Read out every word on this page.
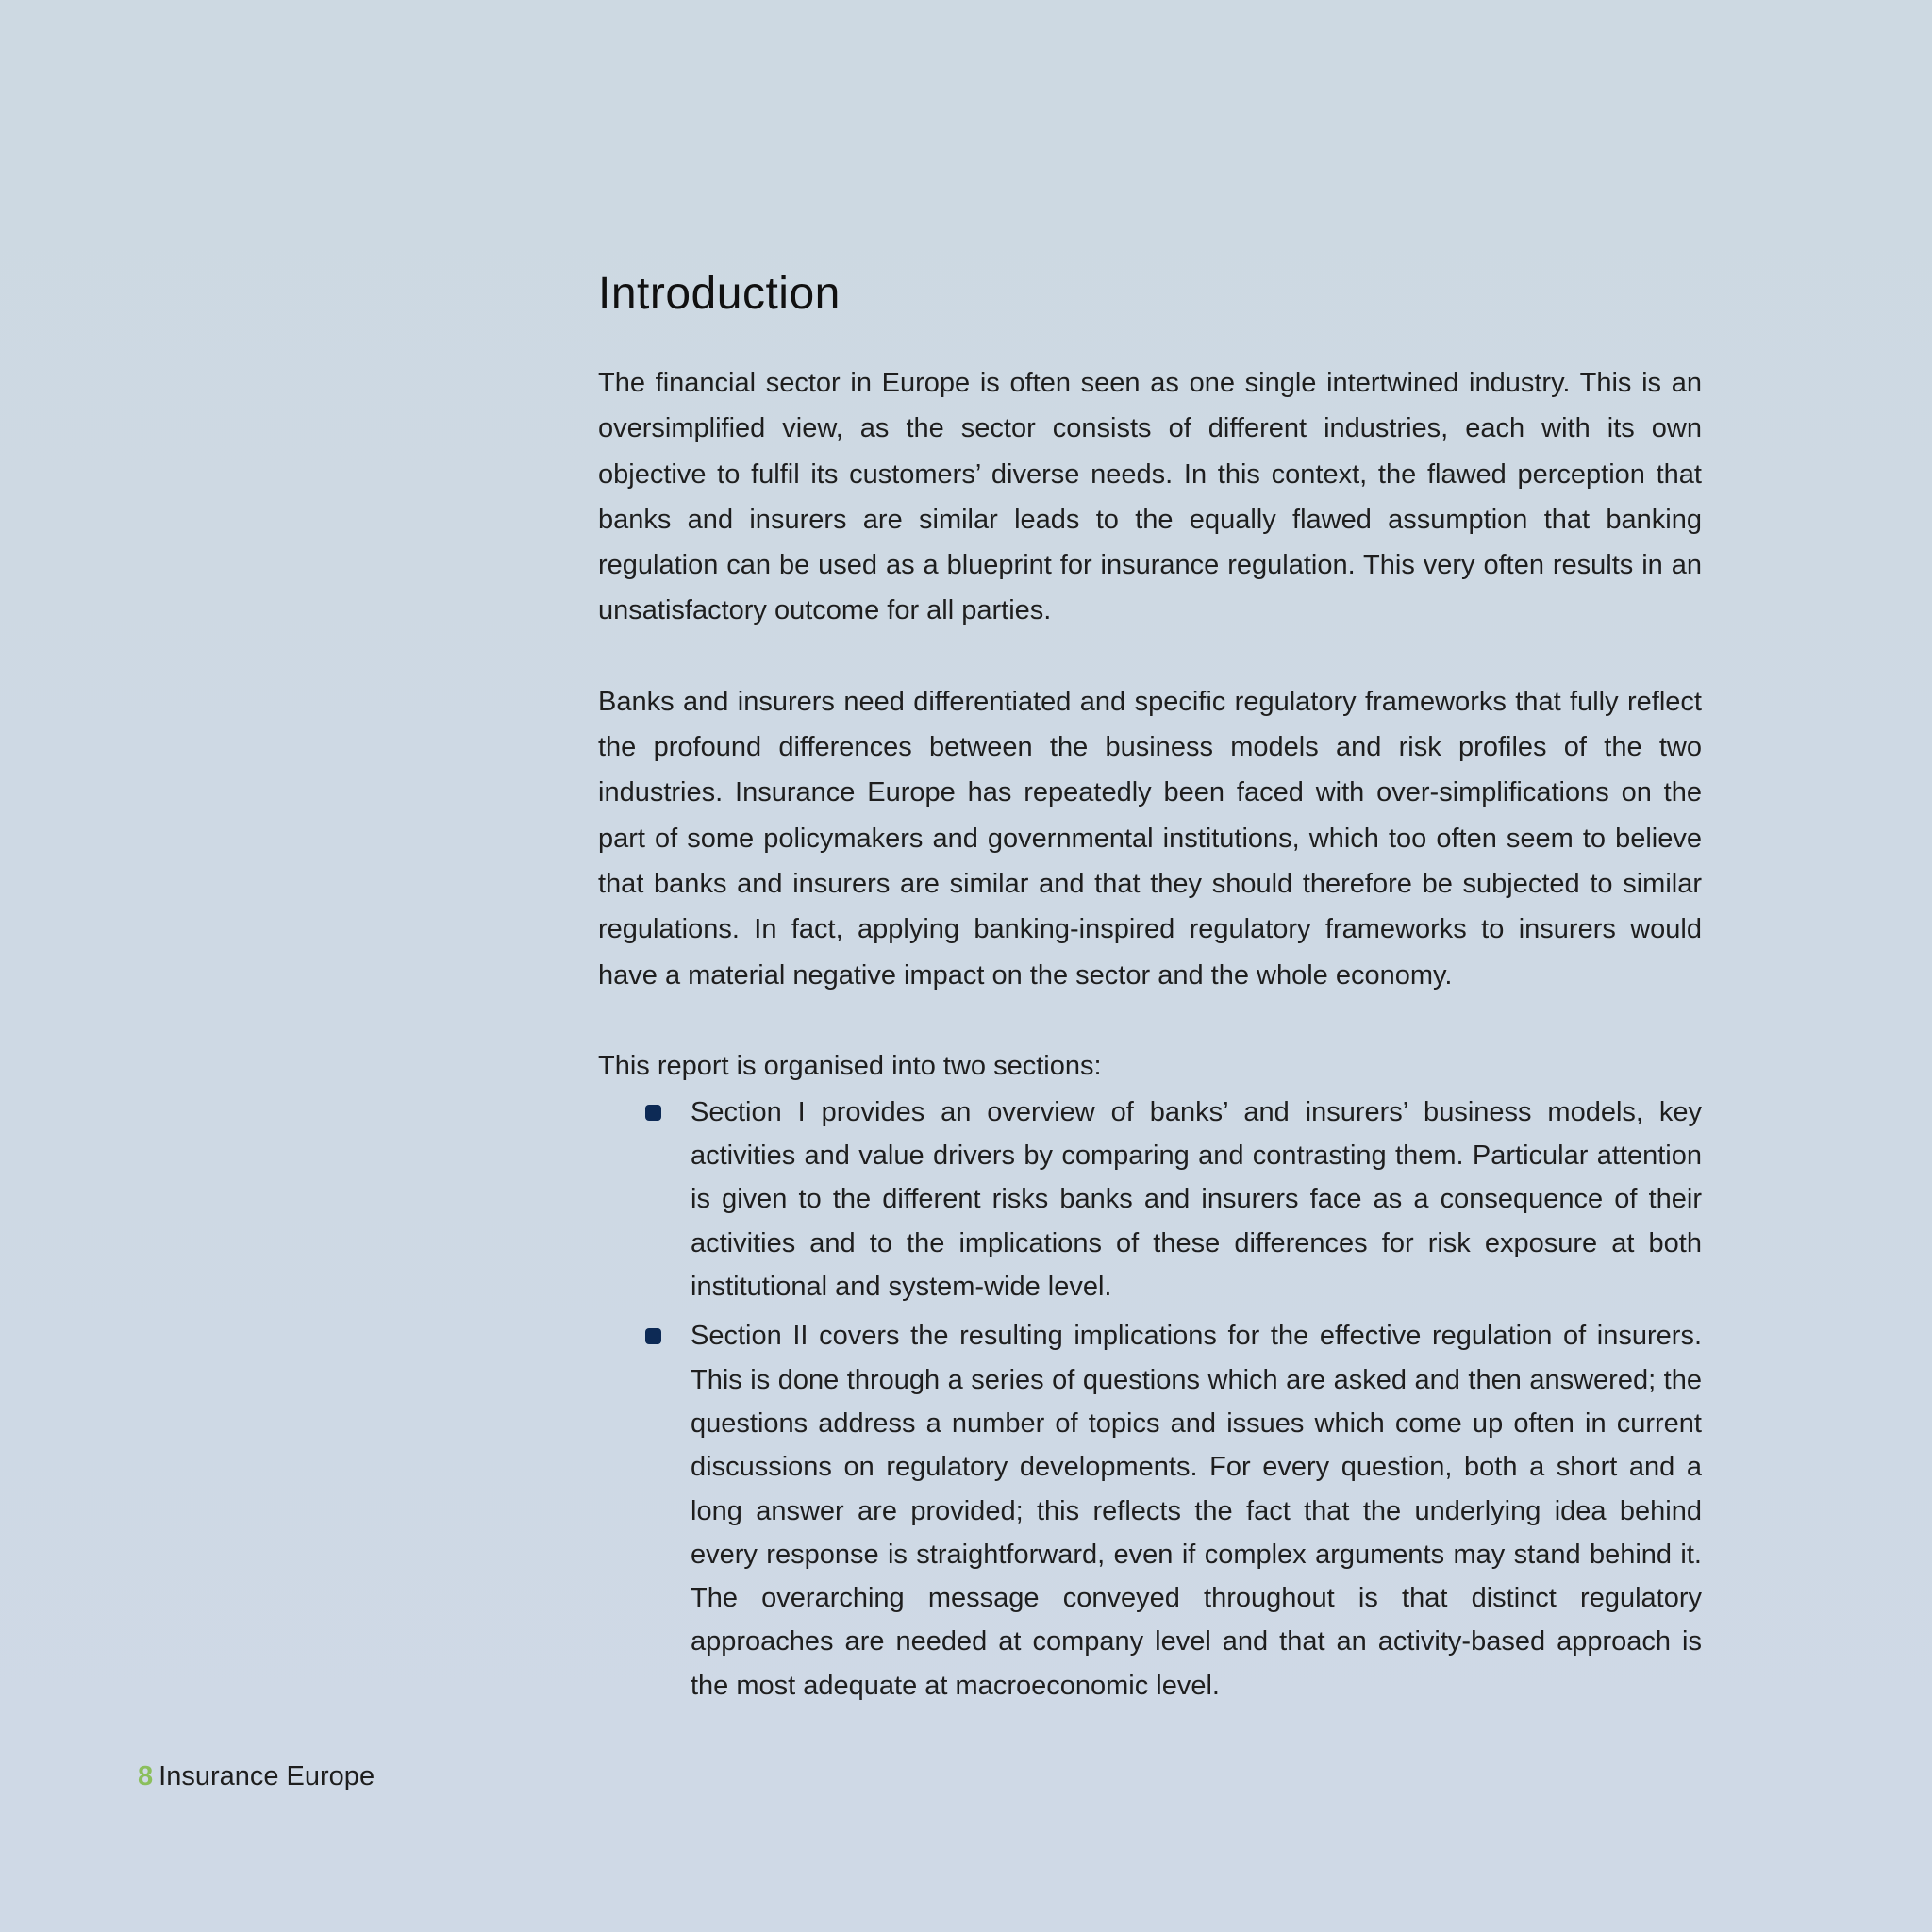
Introduction

The financial sector in Europe is often seen as one single intertwined industry. This is an oversimplified view, as the sector consists of different industries, each with its own objective to fulfil its customers’ diverse needs. In this context, the flawed perception that banks and insurers are similar leads to the equally flawed assumption that banking regulation can be used as a blueprint for insurance regulation. This very often results in an unsatisfactory outcome for all parties.

Banks and insurers need differentiated and specific regulatory frameworks that fully reflect the profound differences between the business models and risk profiles of the two industries. Insurance Europe has repeatedly been faced with over-simplifications on the part of some policymakers and governmental institutions, which too often seem to believe that banks and insurers are similar and that they should therefore be subjected to similar regulations. In fact, applying banking-inspired regulatory frameworks to insurers would have a material negative impact on the sector and the whole economy.

This report is organised into two sections:

Section I provides an overview of banks’ and insurers’ business models, key activities and value drivers by comparing and contrasting them. Particular attention is given to the different risks banks and insurers face as a consequence of their activities and to the implications of these differences for risk exposure at both institutional and system-wide level.
Section II covers the resulting implications for the effective regulation of insurers. This is done through a series of questions which are asked and then answered; the questions address a number of topics and issues which come up often in current discussions on regulatory developments. For every question, both a short and a long answer are provided; this reflects the fact that the underlying idea behind every response is straightforward, even if complex arguments may stand behind it. The overarching message conveyed throughout is that distinct regulatory approaches are needed at company level and that an activity-based approach is the most adequate at macroeconomic level.
8 Insurance Europe
